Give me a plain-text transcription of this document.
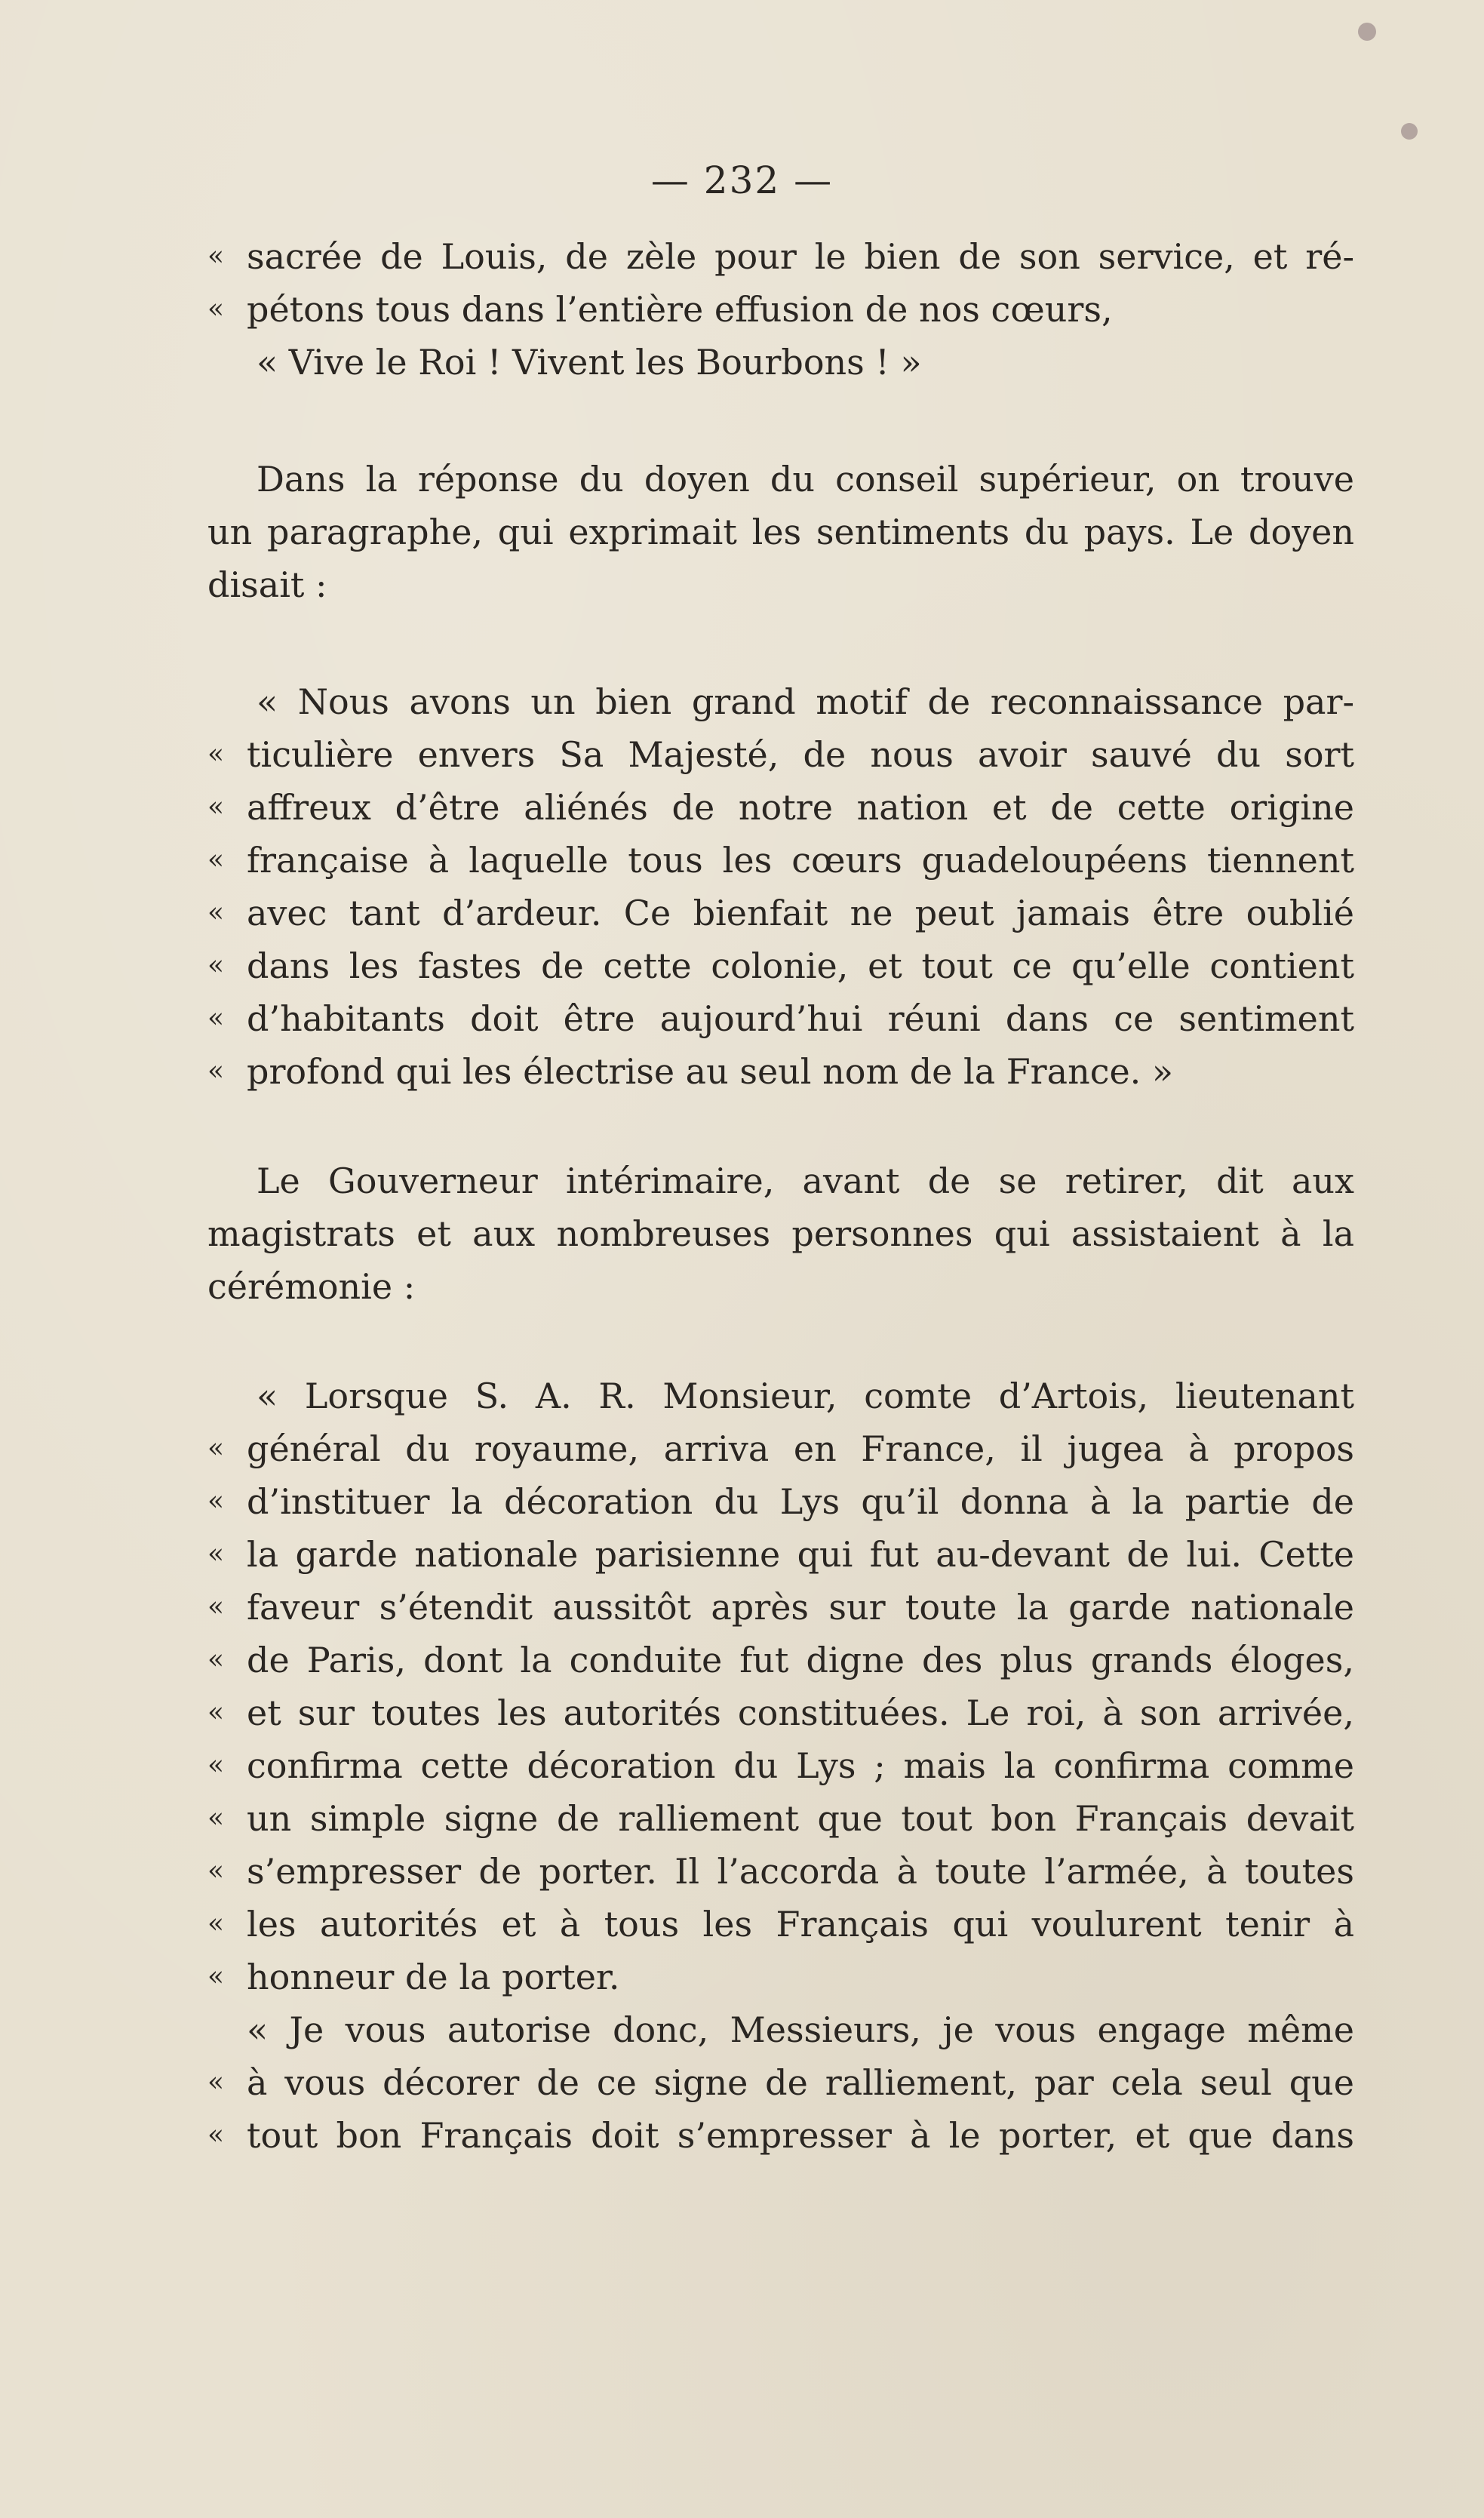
— 232 —
« sacrée de Louis, de zèle pour le bien de son service, et ré-
« pétons tous dans l’entière effusion de nos cœurs,
« Vive le Roi ! Vivent les Bourbons ! »
Dans la réponse du doyen du conseil supérieur, on trouve
un paragraphe, qui exprimait les sentiments du pays. Le doyen
disait :
« Nous avons un bien grand motif de reconnaissance par-
« ticulière envers Sa Majesté, de nous avoir sauvé du sort
« affreux d’être aliénés de notre nation et de cette origine
« française à laquelle tous les cœurs guadeloupéens tiennent
« avec tant d’ardeur. Ce bienfait ne peut jamais être oublié
« dans les fastes de cette colonie, et tout ce qu’elle contient
« d’habitants doit être aujourd’hui réuni dans ce sentiment
« profond qui les électrise au seul nom de la France. »
Le Gouverneur intérimaire, avant de se retirer, dit aux
magistrats et aux nombreuses personnes qui assistaient à la
cérémonie :
« Lorsque S. A. R. Monsieur, comte d’Artois, lieutenant
« général du royaume, arriva en France, il jugea à propos
« d’instituer la décoration du Lys qu’il donna à la partie de
« la garde nationale parisienne qui fut au-devant de lui. Cette
« faveur s’étendit aussitôt après sur toute la garde nationale
« de Paris, dont la conduite fut digne des plus grands éloges,
« et sur toutes les autorités constituées. Le roi, à son arrivée,
« confirma cette décoration du Lys ; mais la confirma comme
« un simple signe de ralliement que tout bon Français devait
« s’empresser de porter. Il l’accorda à toute l’armée, à toutes
« les autorités et à tous les Français qui voulurent tenir à
« honneur de la porter.
« Je vous autorise donc, Messieurs, je vous engage même
« à vous décorer de ce signe de ralliement, par cela seul que
« tout bon Français doit s’empresser à le porter, et que dans
